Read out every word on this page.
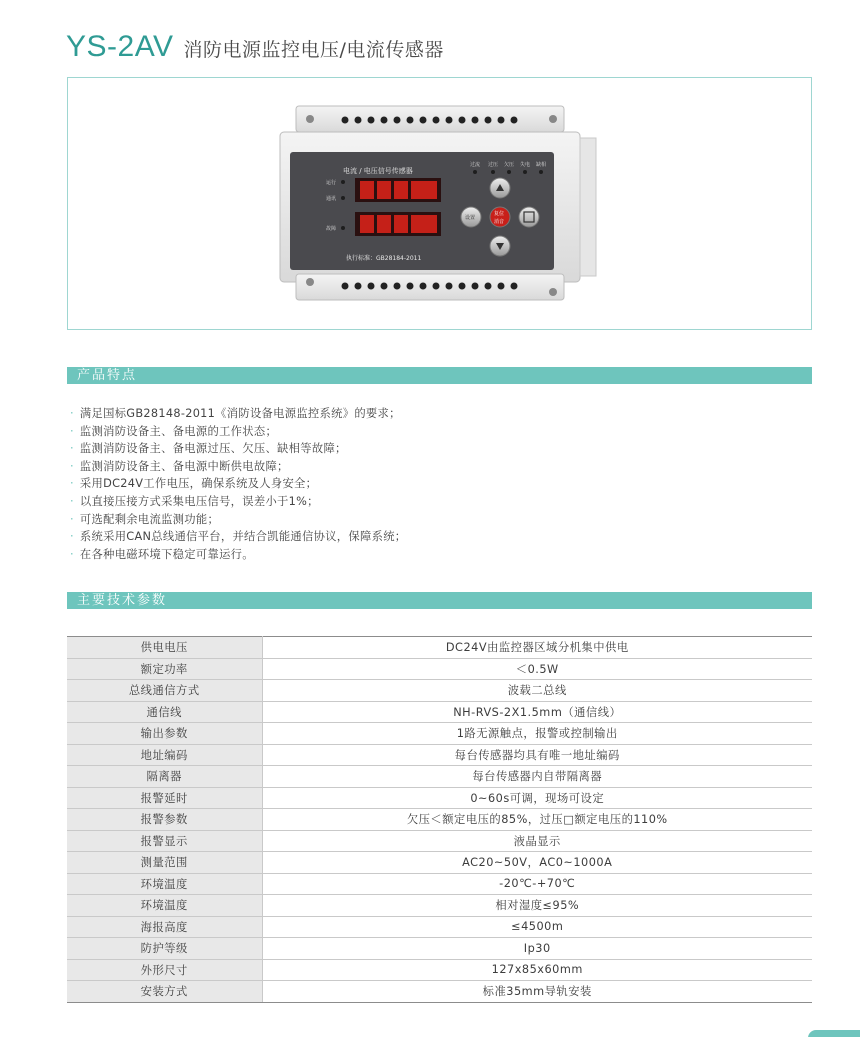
YS-2AV 消防电源监控电压/电流传感器
电流 / 电压信号传感器
过流 过压 欠压 失电 缺相
运行
通讯
故障
执行标准：GB28184-2011
设置
复位
消音
产品特点
· 满足国标GB28148-2011《消防设备电源监控系统》的要求；
· 监测消防设备主、备电源的工作状态；
· 监测消防设备主、备电源过压、欠压、缺相等故障；
· 监测消防设备主、备电源中断供电故障；
· 采用DC24V工作电压，确保系统及人身安全；
· 以直接压接方式采集电压信号，误差小于1%；
· 可选配剩余电流监测功能；
· 系统采用CAN总线通信平台，并结合凯能通信协议，保障系统；
· 在各种电磁环境下稳定可靠运行。
主要技术参数
供电电压	DC24V由监控器区域分机集中供电
额定功率	＜0.5W
总线通信方式	波载二总线
通信线	NH-RVS-2X1.5mm（通信线）
输出参数	1路无源触点，报警或控制输出
地址编码	每台传感器均具有唯一地址编码
隔离器	每台传感器内自带隔离器
报警延时	0~60s可调，现场可设定
报警参数	欠压＜额定电压的85%，过压□额定电压的110%
报警显示	液晶显示
测量范围	AC20~50V，AC0~1000A
环境温度	-20℃-+70℃
环境温度	相对湿度≤95%
海报高度	≤4500m
防护等级	Ip30
外形尺寸	127x85x60mm
安装方式	标准35mm导轨安装
